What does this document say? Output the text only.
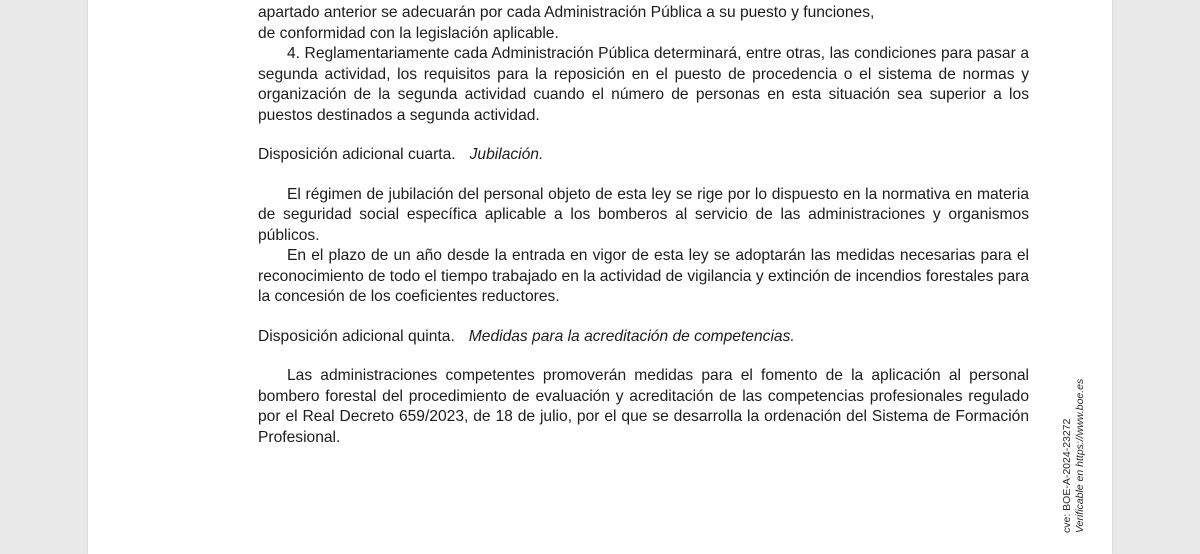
apartado anterior se adecuarán por cada Administración Pública a su puesto y funciones,

de conformidad con la legislación aplicable.

4. Reglamentariamente cada Administración Pública determinará, entre otras, las condiciones para pasar a segunda actividad, los requisitos para la reposición en el puesto de procedencia o el sistema de normas y organización de la segunda actividad cuando el número de personas en esta situación sea superior a los puestos destinados a segunda actividad.

Disposición adicional cuarta. Jubilación.

El régimen de jubilación del personal objeto de esta ley se rige por lo dispuesto en la normativa en materia de seguridad social específica aplicable a los bomberos al servicio de las administraciones y organismos públicos.

En el plazo de un año desde la entrada en vigor de esta ley se adoptarán las medidas necesarias para el reconocimiento de todo el tiempo trabajado en la actividad de vigilancia y extinción de incendios forestales para la concesión de los coeficientes reductores.

Disposición adicional quinta. Medidas para la acreditación de competencias.

Las administraciones competentes promoverán medidas para el fomento de la aplicación al personal bombero forestal del procedimiento de evaluación y acreditación de las competencias profesionales regulado por el Real Decreto 659/2023, de 18 de julio, por el que se desarrolla la ordenación del Sistema de Formación Profesional.	cve: BOE-A-2024-23272 Verificable en https://www.boe.es
